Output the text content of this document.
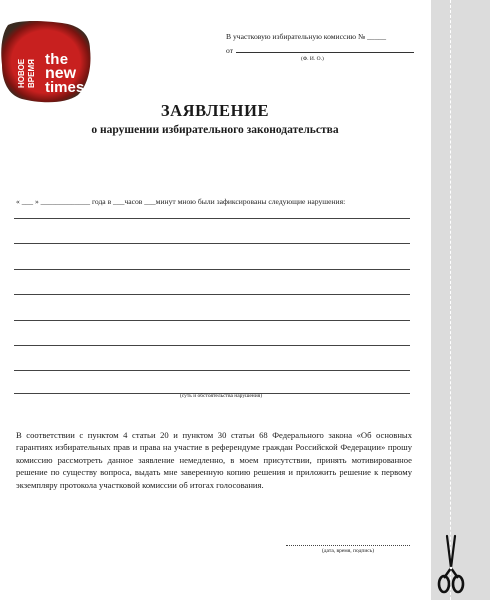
НОВОЕ
ВРЕМЯ the
new
times
В участковую избирательную комиссию № _____
от
(Ф. И. О.)
ЗАЯВЛЕНИЕ
о нарушении избирательного законодательства
« ___ » _____________ года в ___часов ___минут мною были зафиксированы следующие нарушения:
(суть и обстоятельства нарушения)
В соответствии с пунктом 4 статьи 20 и пунктом 30 статьи 68 Федерального закона «Об основных гарантиях избирательных прав и права на участие в референдуме граждан Российской Федерации» прошу комиссию рассмотреть данное заявление немедленно, в моем присутствии, принять мотивированное решение по существу вопроса, выдать мне заверенную копию решения и приложить решение к первому экземпляру протокола участковой комиссии об итогах голосования.
(дата, время, подпись)
